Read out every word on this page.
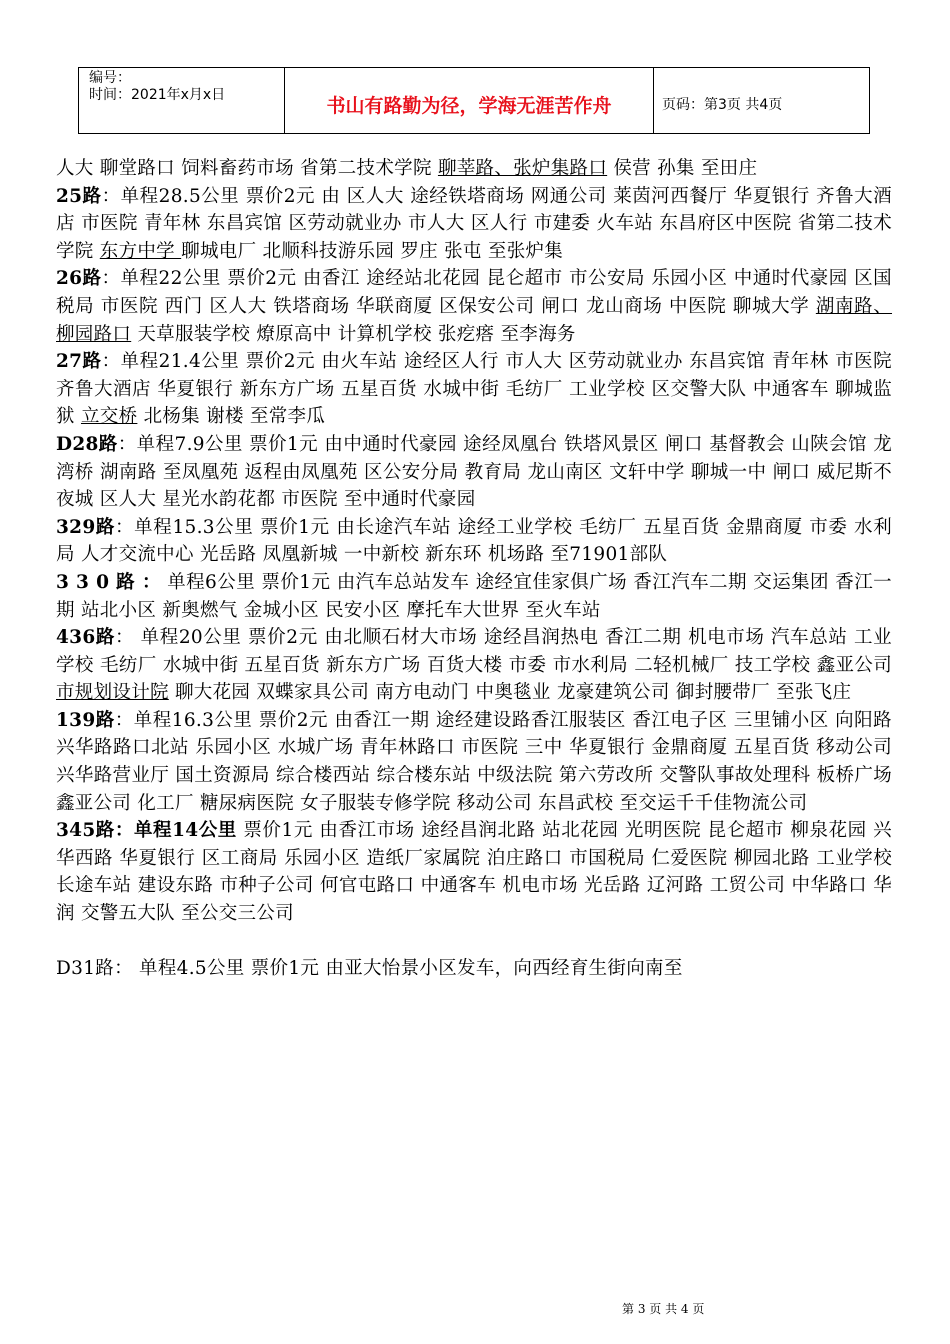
编号：
时间：2021年x月x日	书山有路勤为径，学海无涯苦作舟	页码：第3页 共4页

人大 聊堂路口 饲料畜药市场 省第二技术学院 聊莘路、张炉集路口 侯营 孙集 至田庄

25路：单程28.5公里 票价2元 由 区人大 途经铁塔商场 网通公司 莱茵河西餐厅 华夏银行 齐鲁大酒店 市医院 青年林 东昌宾馆 区劳动就业办 市人大 区人行 市建委 火车站 东昌府区中医院 省第二技术学院 东方中学 聊城电厂 北顺科技游乐园 罗庄 张屯 至张炉集

26路：单程22公里 票价2元 由香江 途经站北花园 昆仑超市 市公安局 乐园小区 中通时代豪园 区国税局 市医院 西门 区人大 铁塔商场 华联商厦 区保安公司 闸口 龙山商场 中医院 聊城大学 湖南路、柳园路口 天草服装学校 燎原高中 计算机学校 张疙瘩 至李海务

27路：单程21.4公里 票价2元 由火车站 途经区人行 市人大 区劳动就业办 东昌宾馆 青年林 市医院 齐鲁大酒店 华夏银行 新东方广场 五星百货 水城中街 毛纺厂 工业学校 区交警大队 中通客车 聊城监狱 立交桥 北杨集 谢楼 至常李瓜

D28路：单程7.9公里 票价1元 由中通时代豪园 途经凤凰台 铁塔风景区 闸口 基督教会 山陕会馆 龙湾桥 湖南路 至凤凰苑 返程由凤凰苑 区公安分局 教育局 龙山南区 文轩中学 聊城一中 闸口 威尼斯不夜城 区人大 星光水韵花都 市医院 至中通时代豪园

329路：单程15.3公里 票价1元 由长途汽车站 途经工业学校 毛纺厂 五星百货 金鼎商厦 市委 水利局 人才交流中心 光岳路 凤凰新城 一中新校 新东环 机场路 至71901部队

3 3 0 路 ： 单程6公里 票价1元 由汽车总站发车 途经宜佳家俱广场 香江汽车二期 交运集团 香江一期 站北小区 新奥燃气 金城小区 民安小区 摩托车大世界 至火车站

436路： 单程20公里 票价2元 由北顺石材大市场 途经昌润热电 香江二期 机电市场 汽车总站 工业学校 毛纺厂 水城中街 五星百货 新东方广场 百货大楼 市委 市水利局 二轻机械厂 技工学校 鑫亚公司 市规划设计院 聊大花园 双蝶家具公司 南方电动门 中奥毯业 龙豪建筑公司 御封腰带厂 至张飞庄

139路：单程16.3公里 票价2元 由香江一期 途经建设路香江服装区 香江电子区 三里铺小区 向阳路兴华路路口北站 乐园小区 水城广场 青年林路口 市医院 三中 华夏银行 金鼎商厦 五星百货 移动公司兴华路营业厅 国土资源局 综合楼西站 综合楼东站 中级法院 第六劳改所 交警队事故处理科 板桥广场 鑫亚公司 化工厂 糖尿病医院 女子服装专修学院 移动公司 东昌武校 至交运千千佳物流公司

345路：单程14公里 票价1元 由香江市场 途经昌润北路 站北花园 光明医院 昆仑超市 柳泉花园 兴华西路 华夏银行 区工商局 乐园小区 造纸厂家属院 泊庄路口 市国税局 仁爱医院 柳园北路 工业学校 长途车站 建设东路 市种子公司 何官屯路口 中通客车 机电市场 光岳路 辽河路 工贸公司 中华路口 华润 交警五大队 至公交三公司

D31路： 单程4.5公里 票价1元 由亚大怡景小区发车，向西经育生街向南至

第 3 页 共 4 页
